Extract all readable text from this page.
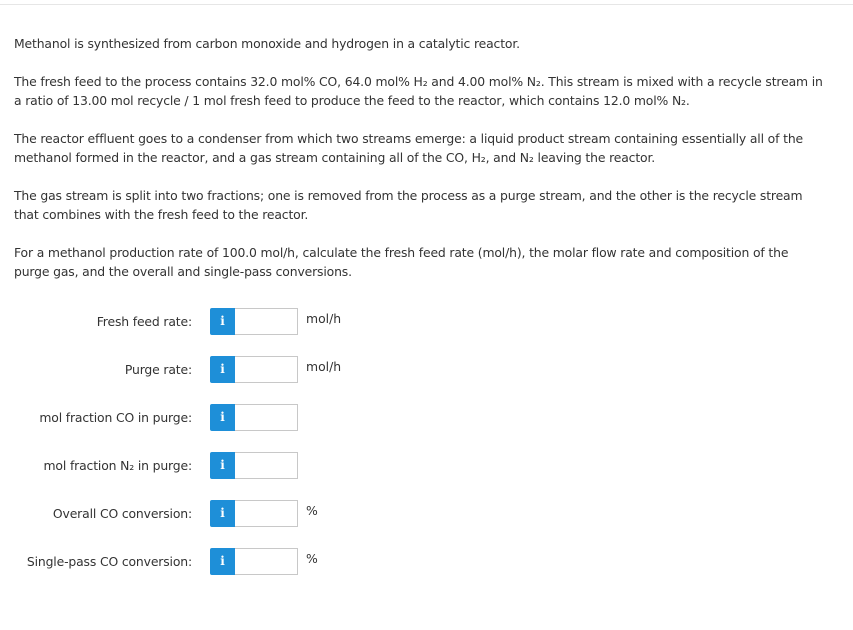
Methanol is synthesized from carbon monoxide and hydrogen in a catalytic reactor.

The fresh feed to the process contains 32.0 mol% CO, 64.0 mol% H₂ and 4.00 mol% N₂. This stream is mixed with a recycle stream in
a ratio of 13.00 mol recycle / 1 mol fresh feed to produce the feed to the reactor, which contains 12.0 mol% N₂.

The reactor effluent goes to a condenser from which two streams emerge: a liquid product stream containing essentially all of the
methanol formed in the reactor, and a gas stream containing all of the CO, H₂, and N₂ leaving the reactor.

The gas stream is split into two fractions; one is removed from the process as a purge stream, and the other is the recycle stream
that combines with the fresh feed to the reactor.

For a methanol production rate of 100.0 mol/h, calculate the fresh feed rate (mol/h), the molar flow rate and composition of the
purge gas, and the overall and single-pass conversions.

Fresh feed rate:	i	mol/h
Purge rate:	i	mol/h
mol fraction CO in purge:	i
mol fraction N₂ in purge:	i
Overall CO conversion:	i	%
Single-pass CO conversion:	i	%
